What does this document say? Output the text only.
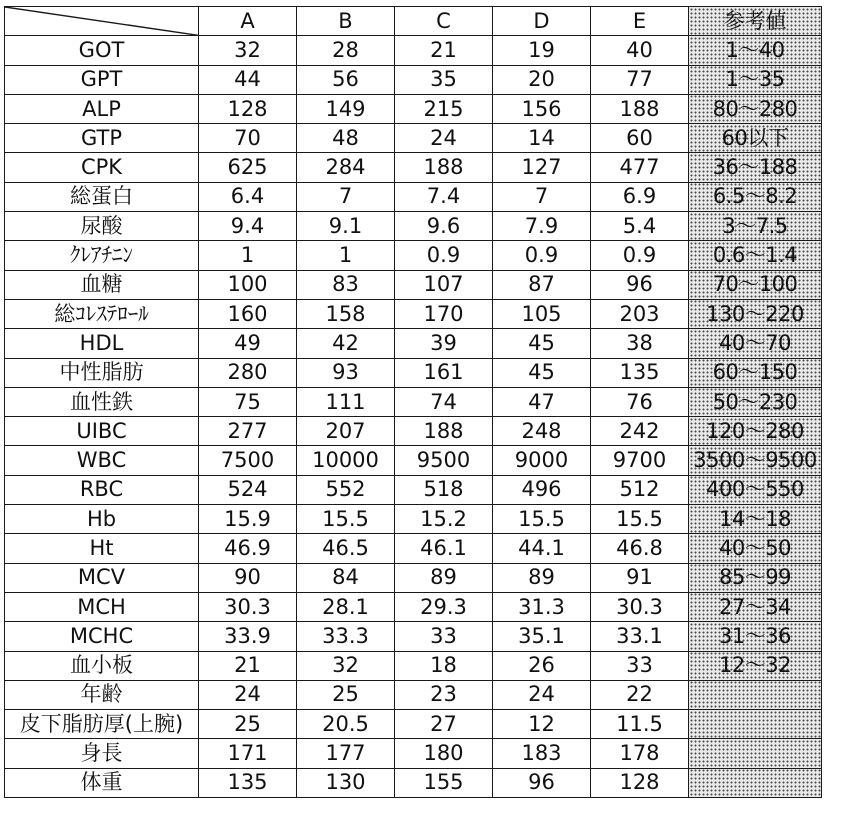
	A	B	C	D	E	参考値
GOT	32	28	21	19	40	1～40
GPT	44	56	35	20	77	1～35
ALP	128	149	215	156	188	80～280
GTP	70	48	24	14	60	60以下
CPK	625	284	188	127	477	36～188
総蛋白	6.4	7	7.4	7	6.9	6.5～8.2
尿酸	9.4	9.1	9.6	7.9	5.4	3～7.5
ｸﾚｱﾁﾆﾝ	1	1	0.9	0.9	0.9	0.6～1.4
血糖	100	83	107	87	96	70～100
総ｺﾚｽﾃﾛｰﾙ	160	158	170	105	203	130～220
HDL	49	42	39	45	38	40～70
中性脂肪	280	93	161	45	135	60～150
血性鉄	75	111	74	47	76	50～230
UIBC	277	207	188	248	242	120～280
WBC	7500	10000	9500	9000	9700	3500～9500
RBC	524	552	518	496	512	400～550
Hb	15.9	15.5	15.2	15.5	15.5	14～18
Ht	46.9	46.5	46.1	44.1	46.8	40～50
MCV	90	84	89	89	91	85～99
MCH	30.3	28.1	29.3	31.3	30.3	27～34
MCHC	33.9	33.3	33	35.1	33.1	31～36
血小板	21	32	18	26	33	12～32
年齢	24	25	23	24	22	
皮下脂肪厚(上腕)	25	20.5	27	12	11.5	
身長	171	177	180	183	178	
体重	135	130	155	96	128	
